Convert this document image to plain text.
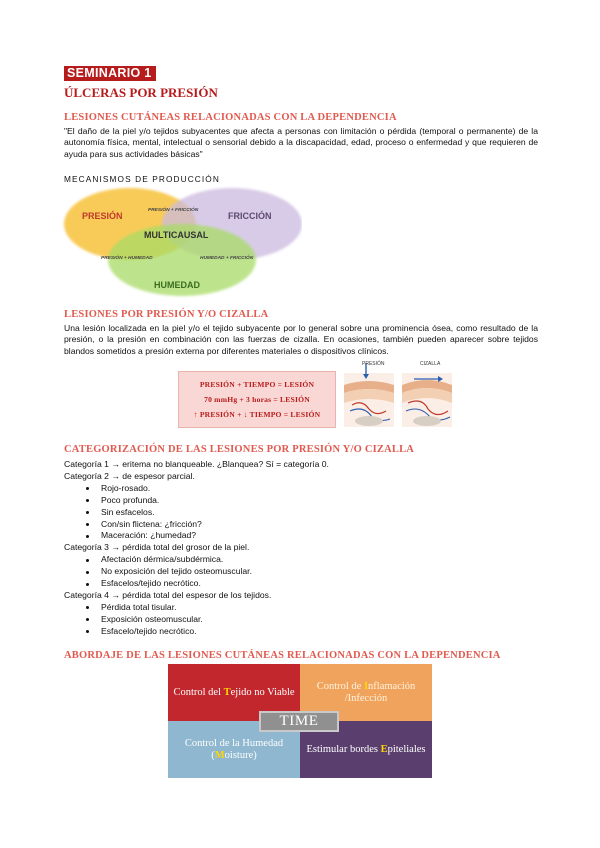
SEMINARIO 1
ÚLCERAS POR PRESIÓN
LESIONES CUTÁNEAS RELACIONADAS CON LA DEPENDENCIA
"El daño de la piel y/o tejidos subyacentes que afecta a personas con limitación o pérdida (temporal o permanente) de la autonomía física, mental, intelectual o sensorial debido a la discapacidad, edad, proceso o enfermedad y que requieren de ayuda para sus actividades básicas"
MECANISMOS DE PRODUCCIÓN
PRESIÓN	FRICCIÓN
HUMEDAD
MULTICAUSAL
PRESIÓN + FRICCIÓN
PRESIÓN + HUMEDAD	HUMEDAD + FRICCIÓN
LESIONES POR PRESIÓN Y/O CIZALLA
Una lesión localizada en la piel y/o el tejido subyacente por lo general sobre una prominencia ósea, como resultado de la presión, o la presión en combinación con las fuerzas de cizalla. En ocasiones, también pueden aparecer sobre tejidos blandos sometidos a presión externa por diferentes materiales o dispositivos clínicos.
PRESIÓN + TIEMPO = LESIÓN
70 mmHg + 3 horas = LESIÓN
↑ PRESIÓN + ↓ TIEMPO = LESIÓN
PRESIÓN	CIZALLA
CATEGORIZACIÓN DE LAS LESIONES POR PRESIÓN Y/O CIZALLA
Categoría 1 → eritema no blanqueable. ¿Blanquea? Sí = categoría 0.
Categoría 2 → de espesor parcial.
Rojo-rosado.
Poco profunda.
Sin esfacelos.
Con/sin flictena: ¿fricción?
Maceración: ¿humedad?
Categoría 3 → pérdida total del grosor de la piel.
Afectación dérmica/subdérmica.
No exposición del tejido osteomuscular.
Esfacelos/tejido necrótico.
Categoría 4 → pérdida total del espesor de los tejidos.
Pérdida total tisular.
Exposición osteomuscular.
Esfacelo/tejido necrótico.
ABORDAJE DE LAS LESIONES CUTÁNEAS RELACIONADAS CON LA DEPENDENCIA
Control del Tejido no Viable
Control de Inflamación /Infección
Control de la Humedad (Moisture)
Estimular bordes Epiteliales
TIME
